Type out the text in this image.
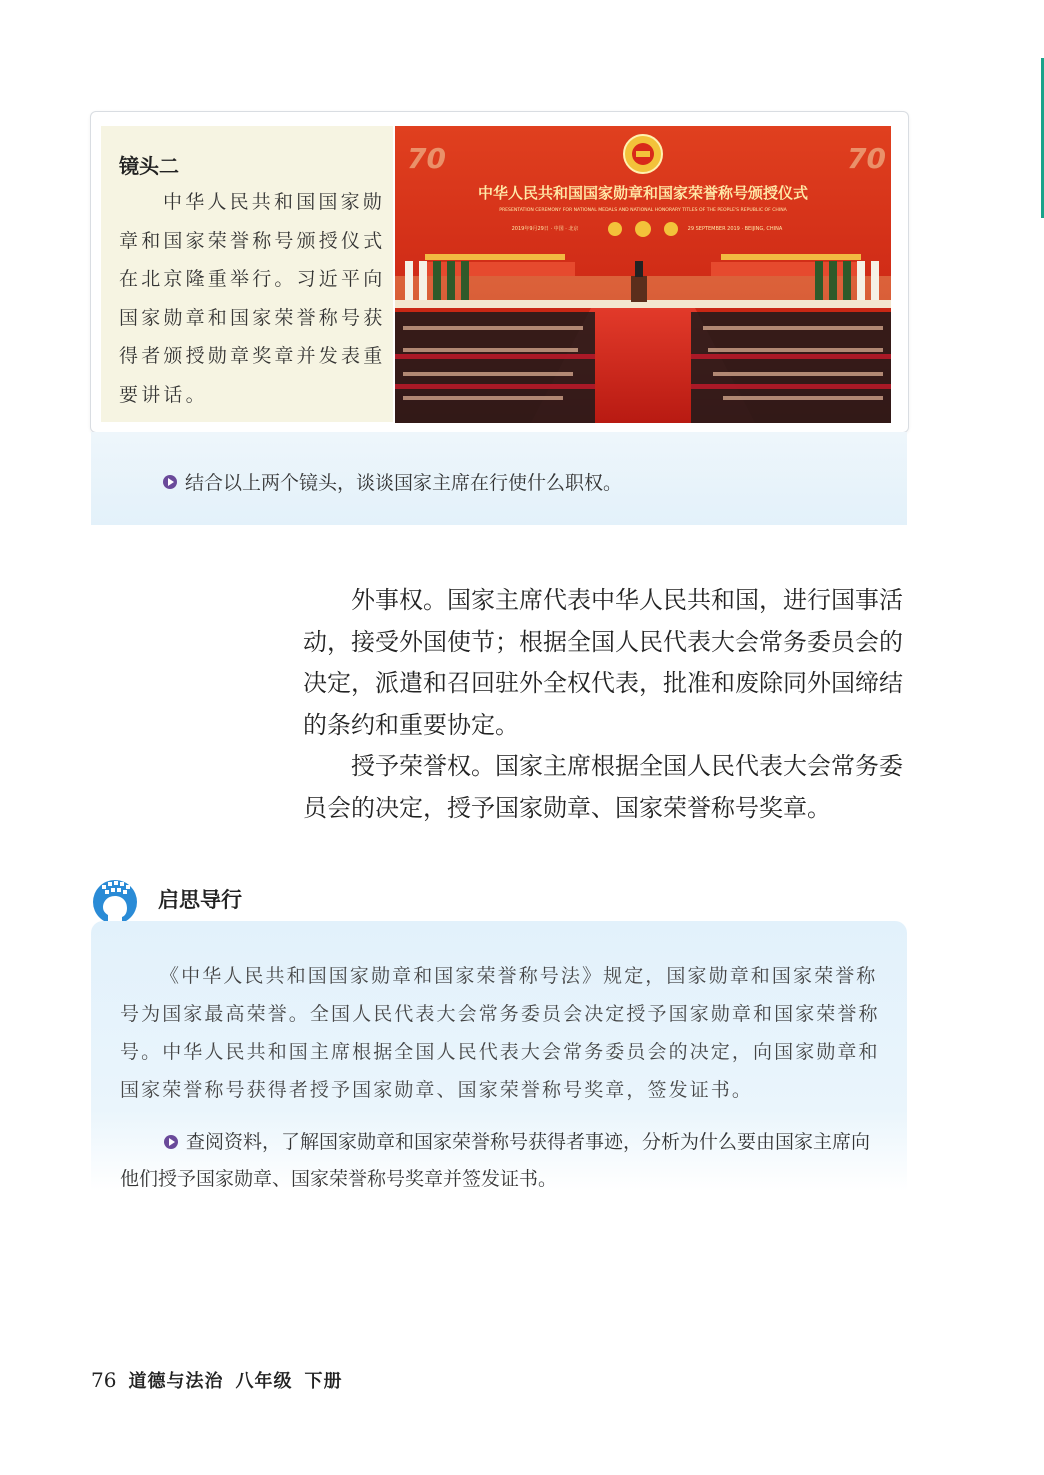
镜头二
中华人民共和国国家勋章和国家荣誉称号颁授仪式在北京隆重举行。习近平向国家勋章和国家荣誉称号获得者颁授勋章奖章并发表重要讲话。
70	70
中华人民共和国国家勋章和国家荣誉称号颁授仪式
PRESENTATION CEREMONY FOR NATIONAL MEDALS AND NATIONAL HONORARY TITLES OF THE PEOPLE'S REPUBLIC OF CHINA
2019年9月29日 · 中国 · 北京	29 SEPTEMBER 2019 · BEIJING, CHINA
结合以上两个镜头，谈谈国家主席在行使什么职权。

外事权。国家主席代表中华人民共和国，进行国事活动，接受外国使节；根据全国人民代表大会常务委员会的决定，派遣和召回驻外全权代表，批准和废除同外国缔结的条约和重要协定。

授予荣誉权。国家主席根据全国人民代表大会常务委员会的决定，授予国家勋章、国家荣誉称号奖章。

启思导行

《中华人民共和国国家勋章和国家荣誉称号法》规定，国家勋章和国家荣誉称号为国家最高荣誉。全国人民代表大会常务委员会决定授予国家勋章和国家荣誉称号。中华人民共和国主席根据全国人民代表大会常务委员会的决定，向国家勋章和国家荣誉称号获得者授予国家勋章、国家荣誉称号奖章，签发证书。

查阅资料，了解国家勋章和国家荣誉称号获得者事迹，分析为什么要由国家主席向他们授予国家勋章、国家荣誉称号奖章并签发证书。

76 道德与法治 八年级 下册
